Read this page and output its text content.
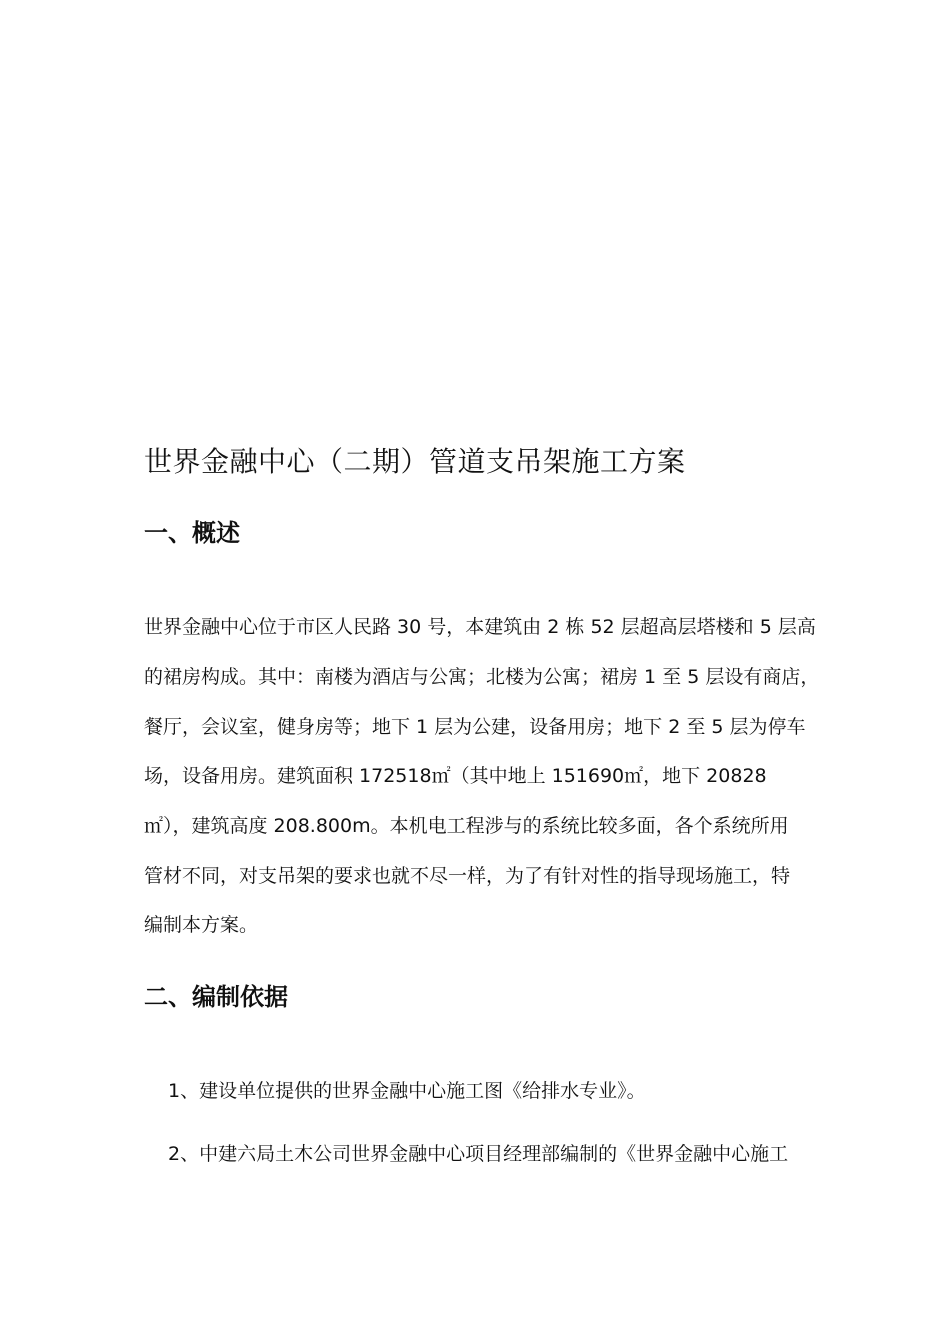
世界金融中心（二期）管道支吊架施工方案
一、概述
世界金融中心位于市区人民路 30 号，本建筑由 2 栋 52 层超高层塔楼和 5 层高
的裙房构成。其中：南楼为酒店与公寓；北楼为公寓；裙房 1 至 5 层设有商店，
餐厅，会议室，健身房等；地下 1 层为公建，设备用房；地下 2 至 5 层为停车
场，设备用房。建筑面积 172518㎡（其中地上 151690㎡，地下 20828
㎡），建筑高度 208.800m。本机电工程涉与的系统比较多面，各个系统所用
管材不同，对支吊架的要求也就不尽一样，为了有针对性的指导现场施工，特
编制本方案。
二、编制依据
1、建设单位提供的世界金融中心施工图《给排水专业》。
2、中建六局土木公司世界金融中心项目经理部编制的《世界金融中心施工
